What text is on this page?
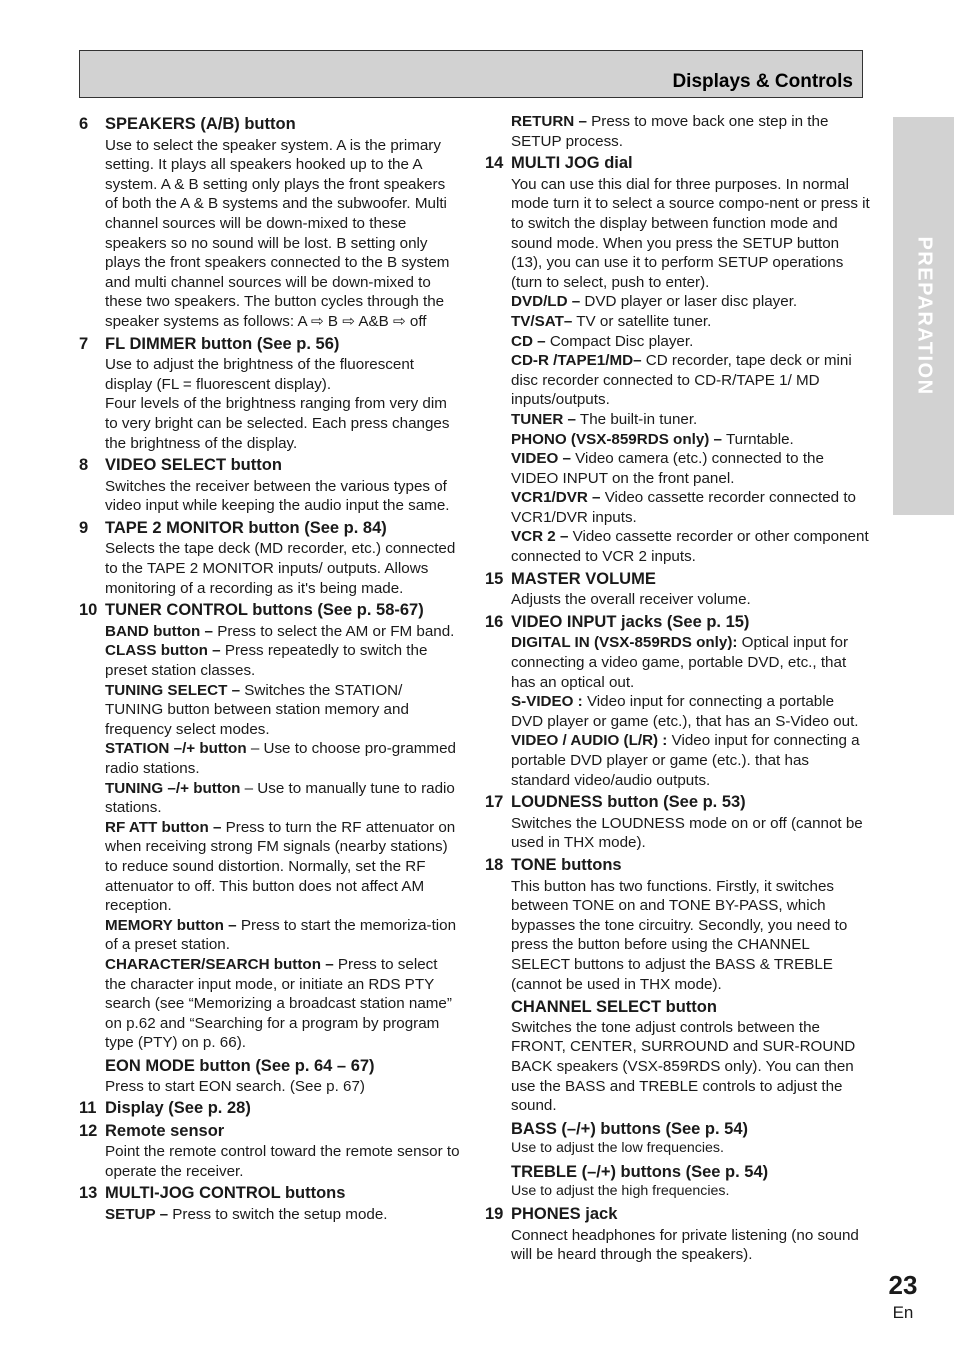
Displays & Controls
PREPARATION
23
En
6 SPEAKERS (A/B) button

Use to select the speaker system. A is the primary setting. It plays all speakers hooked up to the A system. A & B setting only plays the front speakers of both the A & B systems and the subwoofer. Multi channel sources will be down-mixed to these speakers so no sound will be lost. B setting only plays the front speakers connected to the B system and multi channel sources will be down-mixed to these two speakers. The button cycles through the speaker systems as follows: A ⇨ B ⇨ A&B ⇨ off

7 FL DIMMER button (See p. 56)

Use to adjust the brightness of the fluorescent display (FL = fluorescent display).

Four levels of the brightness ranging from very dim to very bright can be selected. Each press changes the brightness of the display.

8 VIDEO SELECT button

Switches the receiver between the various types of video input while keeping the audio input the same.

9 TAPE 2 MONITOR button (See p. 84)

Selects the tape deck (MD recorder, etc.) connected to the TAPE 2 MONITOR inputs/ outputs. Allows monitoring of a recording as it's being made.

10 TUNER CONTROL buttons (See p. 58-67)

BAND button – Press to select the AM or FM band.

CLASS button – Press repeatedly to switch the preset station classes.

TUNING SELECT – Switches the STATION/ TUNING button between station memory and frequency select modes.

STATION –/+ button – Use to choose pro-grammed radio stations.

TUNING –/+ button – Use to manually tune to radio stations.

RF ATT button – Press to turn the RF attenuator on when receiving strong FM signals (nearby stations) to reduce sound distortion. Normally, set the RF attenuator to off. This button does not affect AM reception.

MEMORY button – Press to start the memoriza-tion of a preset station.

CHARACTER/SEARCH button – Press to select the character input mode, or initiate an RDS PTY search (see “Memorizing a broadcast station name” on p.62 and “Searching for a program by program type (PTY) on p. 66).

EON MODE button (See p. 64 – 67)

Press to start EON search. (See p. 67)

11 Display (See p. 28)
12 Remote sensor

Point the remote control toward the remote sensor to operate the receiver.

13 MULTI-JOG CONTROL buttons

SETUP – Press to switch the setup mode.

RETURN – Press to move back one step in the SETUP process.

14 MULTI JOG dial

You can use this dial for three purposes. In normal mode turn it to select a source compo-nent or press it to switch the display between function mode and sound mode. When you press the SETUP button (13), you can use it to perform SETUP operations (turn to select, push to enter).

DVD/LD – DVD player or laser disc player.

TV/SAT– TV or satellite tuner.

CD – Compact Disc player.

CD-R /TAPE1/MD– CD recorder, tape deck or mini disc recorder connected to CD-R/TAPE 1/ MD inputs/outputs.

TUNER – The built-in tuner.

PHONO (VSX-859RDS only) – Turntable.

VIDEO – Video camera (etc.) connected to the VIDEO INPUT on the front panel.

VCR1/DVR – Video cassette recorder connected to VCR1/DVR inputs.

VCR 2 – Video cassette recorder or other component connected to VCR 2 inputs.

15 MASTER VOLUME

Adjusts the overall receiver volume.

16 VIDEO INPUT jacks (See p. 15)

DIGITAL IN (VSX-859RDS only): Optical input for connecting a video game, portable DVD, etc., that has an optical out.

S-VIDEO : Video input for connecting a portable DVD player or game (etc.), that has an S-Video out.

VIDEO / AUDIO (L/R) : Video input for connecting a portable DVD player or game (etc.). that has standard video/audio outputs.

17 LOUDNESS button (See p. 53)

Switches the LOUDNESS mode on or off (cannot be used in THX mode).

18 TONE buttons

This button has two functions. Firstly, it switches between TONE on and TONE BY-PASS, which bypasses the tone circuitry. Secondly, you need to press the button before using the CHANNEL SELECT buttons to adjust the BASS & TREBLE (cannot be used in THX mode).

CHANNEL SELECT button

Switches the tone adjust controls between the FRONT, CENTER, SURROUND and SUR-ROUND BACK speakers (VSX-859RDS only). You can then use the BASS and TREBLE controls to adjust the sound.

BASS (–/+) buttons (See p. 54)

Use to adjust the low frequencies.

TREBLE (–/+) buttons (See p. 54)

Use to adjust the high frequencies.

19 PHONES jack

Connect headphones for private listening (no sound will be heard through the speakers).
